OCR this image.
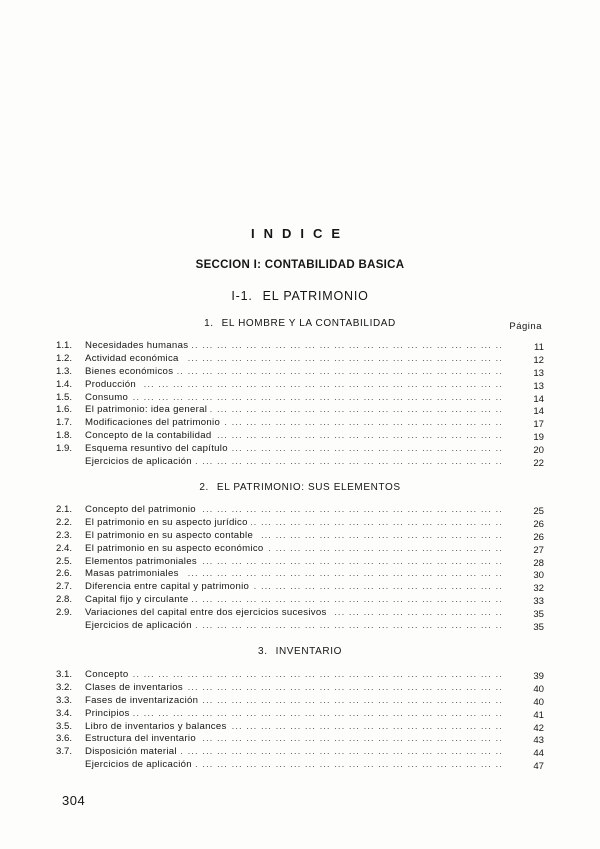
INDICE
SECCION I: CONTABILIDAD BASICA
I-1. EL PATRIMONIO
Página
1. EL HOMBRE Y LA CONTABILIDAD
1.1.	Necesidades humanas ... .	11
1.2.	Actividad económica ... .	12
1.3.	Bienes económicos ... .	13
1.4.	Producción ... .	13
1.5.	Consumo ... .	14
1.6.	El patrimonio: idea general ... .	14
1.7.	Modificaciones del patrimonio ... .	17
1.8.	Concepto de la contabilidad ... .	19
1.9.	Esquema resuntivo del capítulo ... .	20
Ejercicios de aplicación ... .	22
2. EL PATRIMONIO: SUS ELEMENTOS
2.1.	Concepto del patrimonio ... .	25
2.2.	El patrimonio en su aspecto jurídico ... .	26
2.3.	El patrimonio en su aspecto contable ... .	26
2.4.	El patrimonio en su aspecto económico ... .	27
2.5.	Elementos patrimoniales ... .	28
2.6.	Masas patrimoniales ... .	30
2.7.	Diferencia entre capital y patrimonio ... .	32
2.8.	Capital fijo y circulante ... .	33
2.9.	Variaciones del capital entre dos ejercicios sucesivos ... .	35
Ejercicios de aplicación ... .	35
3. INVENTARIO
3.1.	Concepto ... .	39
3.2.	Clases de inventarios ... .	40
3.3.	Fases de inventarización ... .	40
3.4.	Principios ... .	41
3.5.	Libro de inventarios y balances ... .	42
3.6.	Estructura del inventario ... .	43
3.7.	Disposición material ... .	44
Ejercicios de aplicación ... .	47
304
